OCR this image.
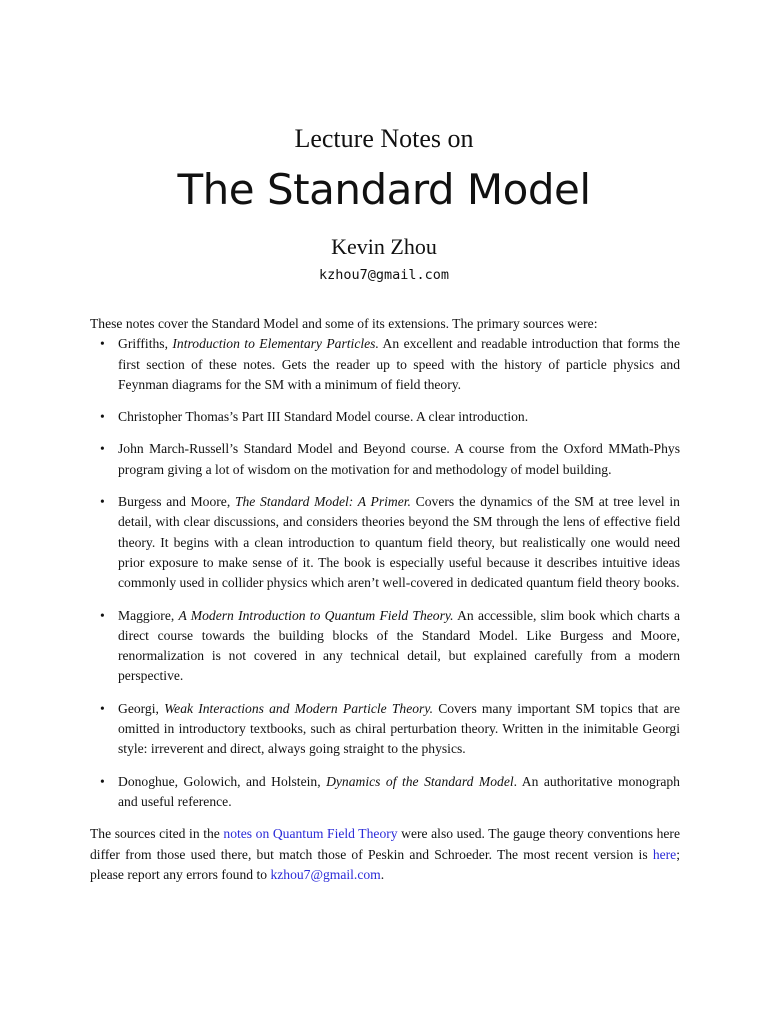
Lecture Notes on

The Standard Model

Kevin Zhou

kzhou7@gmail.com

These notes cover the Standard Model and some of its extensions. The primary sources were:

• Griffiths, Introduction to Elementary Particles. An excellent and readable introduction that forms the first section of these notes. Gets the reader up to speed with the history of particle physics and Feynman diagrams for the SM with a minimum of field theory.
• Christopher Thomas’s Part III Standard Model course. A clear introduction.
• John March-Russell’s Standard Model and Beyond course. A course from the Oxford MMath-Phys program giving a lot of wisdom on the motivation for and methodology of model building.
• Burgess and Moore, The Standard Model: A Primer. Covers the dynamics of the SM at tree level in detail, with clear discussions, and considers theories beyond the SM through the lens of effective field theory. It begins with a clean introduction to quantum field theory, but realistically one would need prior exposure to make sense of it. The book is especially useful because it describes intuitive ideas commonly used in collider physics which aren’t well-covered in dedicated quantum field theory books.
• Maggiore, A Modern Introduction to Quantum Field Theory. An accessible, slim book which charts a direct course towards the building blocks of the Standard Model. Like Burgess and Moore, renormalization is not covered in any technical detail, but explained carefully from a modern perspective.
• Georgi, Weak Interactions and Modern Particle Theory. Covers many important SM topics that are omitted in introductory textbooks, such as chiral perturbation theory. Written in the inimitable Georgi style: irreverent and direct, always going straight to the physics.
• Donoghue, Golowich, and Holstein, Dynamics of the Standard Model. An authoritative monograph and useful reference.

The sources cited in the notes on Quantum Field Theory were also used. The gauge theory conventions here differ from those used there, but match those of Peskin and Schroeder. The most recent version is here; please report any errors found to kzhou7@gmail.com.
